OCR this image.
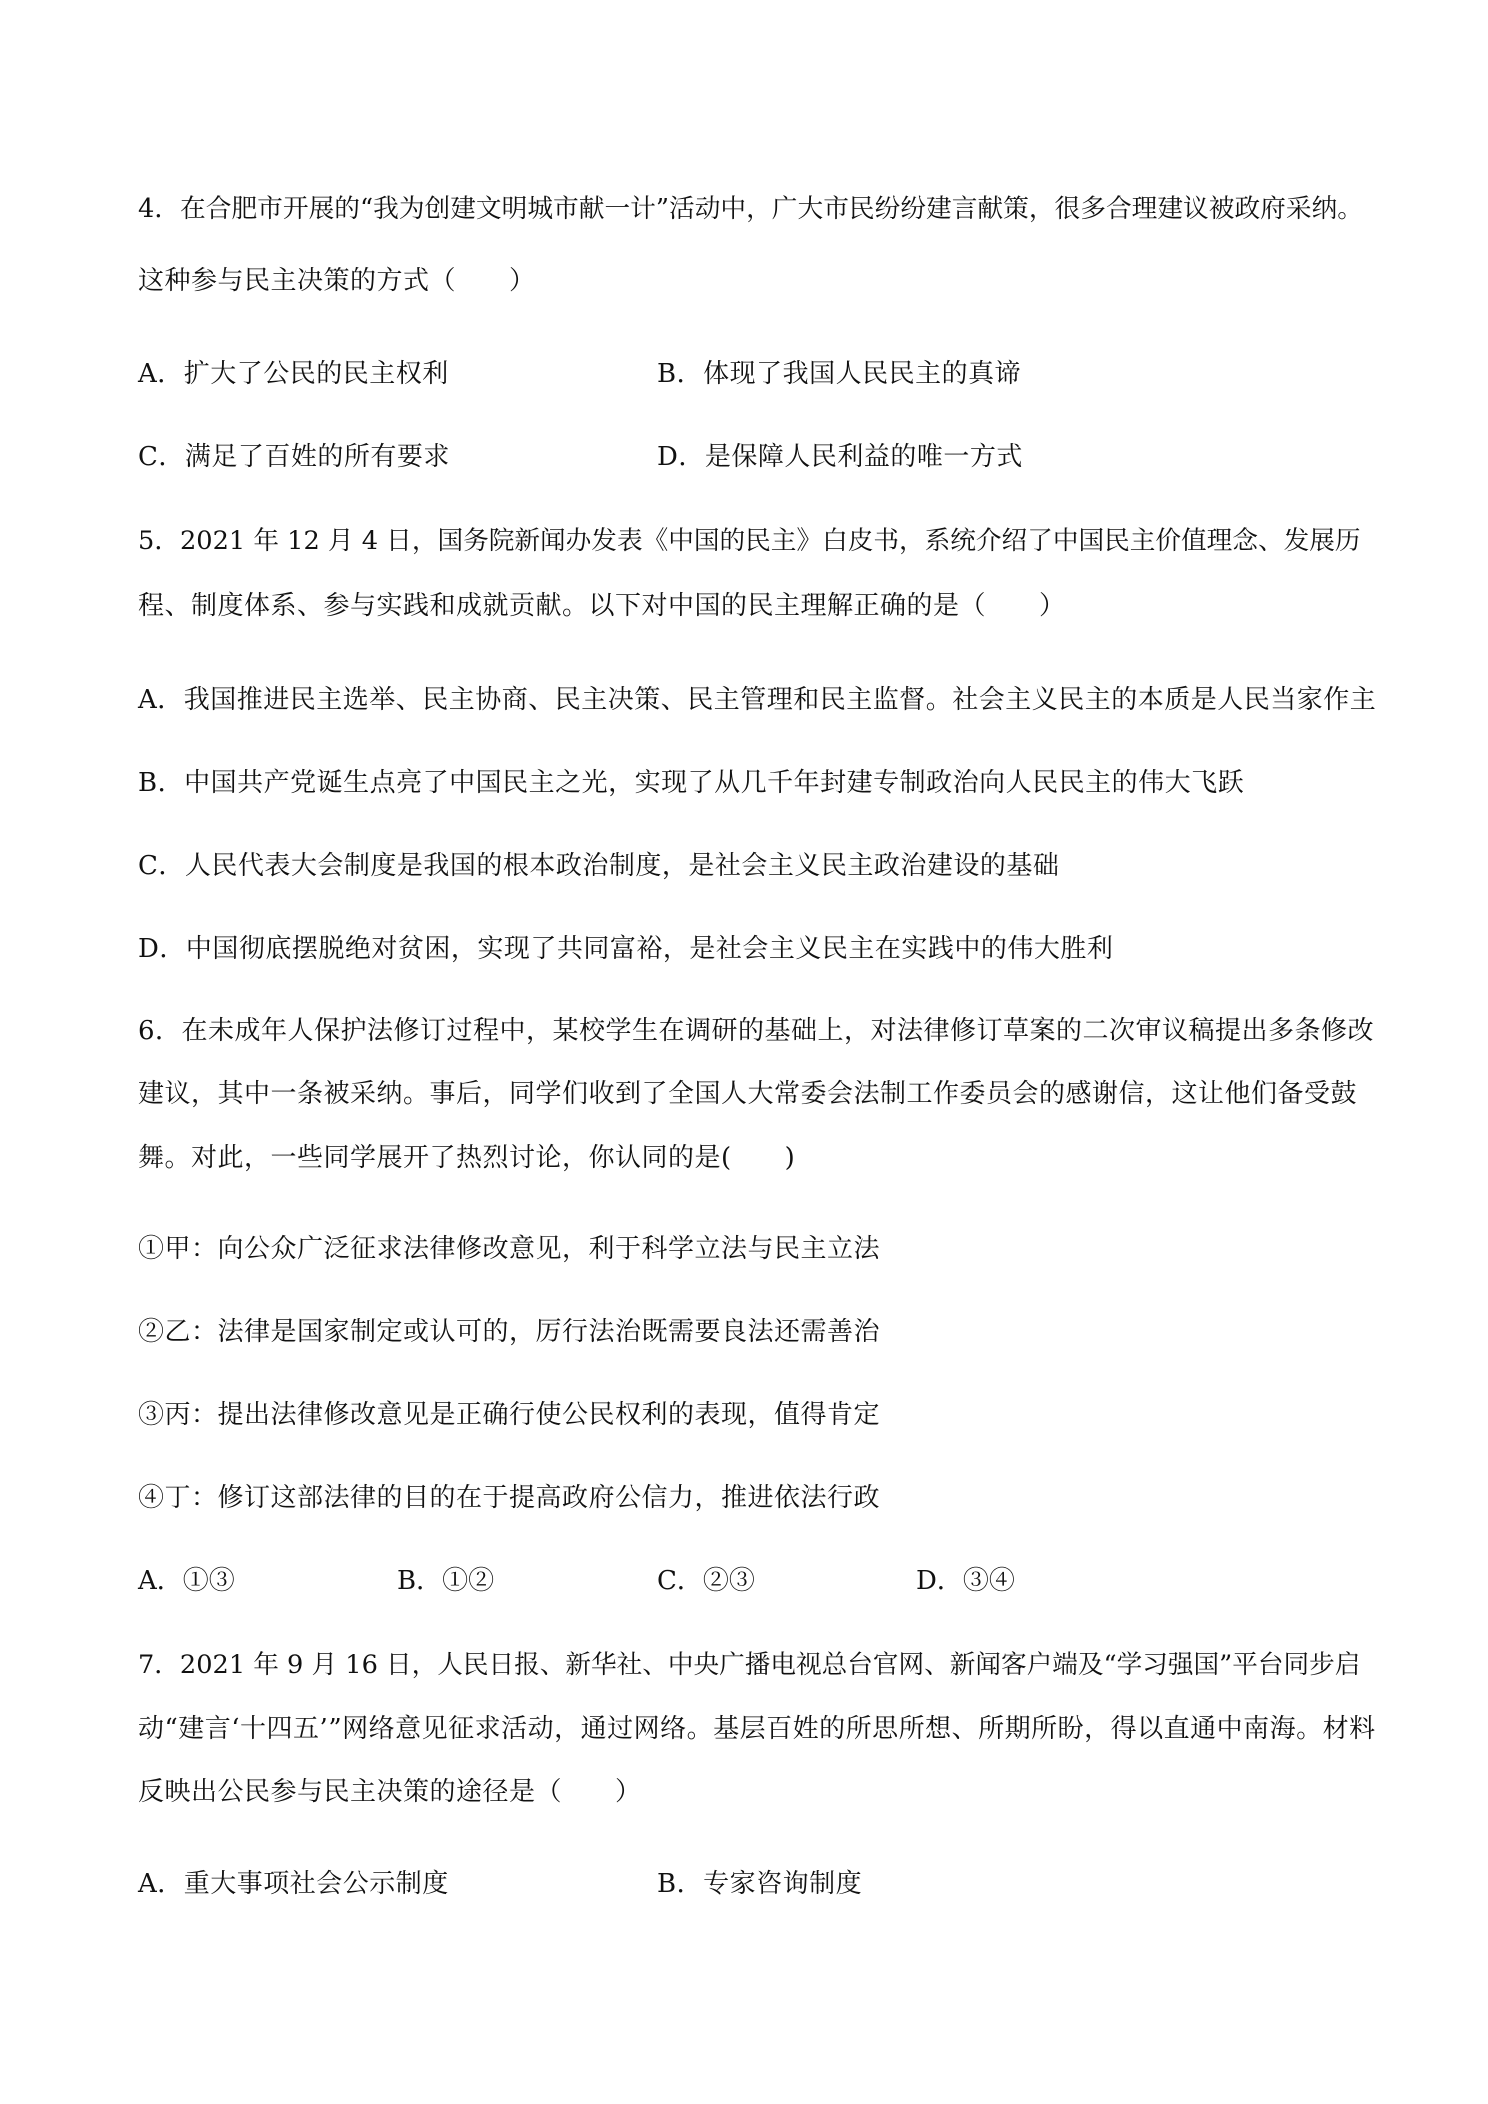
4．在合肥市开展的“我为创建文明城市献一计”活动中，广大市民纷纷建言献策，很多合理建议被政府采纳。
这种参与民主决策的方式（　　）
A．扩大了公民的民主权利	B．体现了我国人民民主的真谛
C．满足了百姓的所有要求	D．是保障人民利益的唯一方式
5．2021 年 12 月 4 日，国务院新闻办发表《中国的民主》白皮书，系统介绍了中国民主价值理念、发展历
程、制度体系、参与实践和成就贡献。以下对中国的民主理解正确的是（　　）
A．我国推进民主选举、民主协商、民主决策、民主管理和民主监督。社会主义民主的本质是人民当家作主
B．中国共产党诞生点亮了中国民主之光，实现了从几千年封建专制政治向人民民主的伟大飞跃
C．人民代表大会制度是我国的根本政治制度，是社会主义民主政治建设的基础
D．中国彻底摆脱绝对贫困，实现了共同富裕，是社会主义民主在实践中的伟大胜利
6．在未成年人保护法修订过程中，某校学生在调研的基础上，对法律修订草案的二次审议稿提出多条修改
建议，其中一条被采纳。事后，同学们收到了全国人大常委会法制工作委员会的感谢信，这让他们备受鼓
舞。对此，一些同学展开了热烈讨论，你认同的是(　　)
①甲：向公众广泛征求法律修改意见，利于科学立法与民主立法
②乙：法律是国家制定或认可的，厉行法治既需要良法还需善治
③丙：提出法律修改意见是正确行使公民权利的表现，值得肯定
④丁：修订这部法律的目的在于提高政府公信力，推进依法行政
A．①③	B．①②	C．②③	D．③④
7．2021 年 9 月 16 日，人民日报、新华社、中央广播电视总台官网、新闻客户端及“学习强国”平台同步启
动“建言‘十四五’”网络意见征求活动，通过网络。基层百姓的所思所想、所期所盼，得以直通中南海。材料
反映出公民参与民主决策的途径是（　　）
A．重大事项社会公示制度	B．专家咨询制度
